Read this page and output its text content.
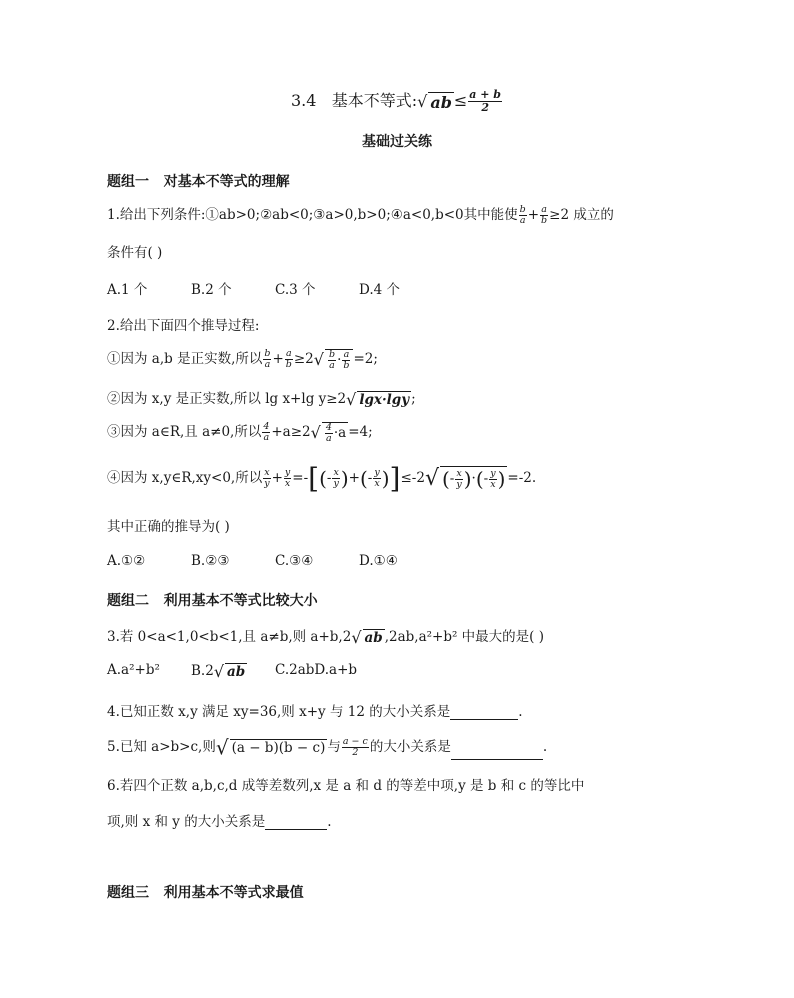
3.4 基本不等式:√ ab ≤ $\frac{a + b}{2}$
基础过关练
题组一 对基本不等式的理解
1.给出下列条件:①ab>0;②ab<0;③a>0,b>0;④a<0,b<0其中能使 $\frac{b}{a} + \frac{a}{b} \ge 2$ 成立的
条件有( )
A.1 个	B.2 个	C.3 个	D.4 个
2.给出下面四个推导过程:
①因为 a,b 是正实数,所以 $\frac{b}{a} + \frac{a}{b} \ge 2√ \frac{b}{a} \cdot \frac{a}{b} =2$;
②因为 x,y 是正实数,所以 lg x+lg y≥2√ lgx·lgy ;
③因为 a∈R,且 a≠0,所以 $\frac{4}{a} +a\ge 2√ \frac{4}{a} \cdot a =4$;
④因为 x,y∈R,xy<0,所以 $\frac{x}{y} + \frac{y}{x}$ =-[(- $\frac{x}{y}$ )+(- $\frac{y}{x} )]\le-2√$ (- $\frac{x}{y}$ )·(- $\frac{y}{x}$ ) =-2.
其中正确的推导为( )
A.①②	B.②③	C.③④	D.①④
题组二 利用基本不等式比较大小
3.若 0<a<1,0<b<1,且 a≠b,则 a+b,2√ ab ,2ab,a²+b² 中最大的是( )
A.a²+b² B.2√ ab C.2abD.a+b
4.已知正数 x,y 满足 xy=36,则 x+y 与 12 的大小关系是	.
5.已知 a>b>c,则√ (a − b)(b − c) 与 $\frac{a - c}{2}$ 的大小关系是	.
6.若四个正数 a,b,c,d 成等差数列,x 是 a 和 d 的等差中项,y 是 b 和 c 的等比中
项,则 x 和 y 的大小关系是	.
题组三 利用基本不等式求最值
